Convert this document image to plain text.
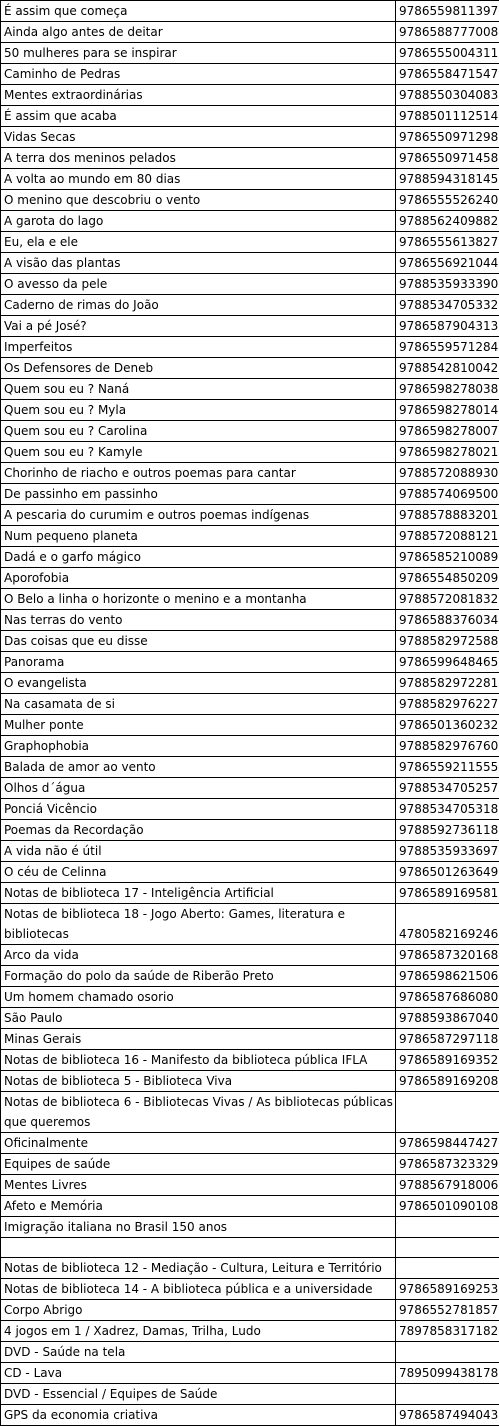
É assim que começa	9786559811397
Ainda algo antes de deitar	9786588777008
50 mulheres para se inspirar	9786555004311
Caminho de Pedras	9786558471547
Mentes extraordinárias	9788550304083
É assim que acaba	9788501112514
Vidas Secas	9786550971298
A terra dos meninos pelados	9786550971458
A volta ao mundo em 80 dias	9788594318145
O menino que descobriu o vento	9786555526240
A garota do lago	9788562409882
Eu, ela e ele	9786555613827
A visão das plantas	9786556921044
O avesso da pele	9788535933390
Caderno de rimas do João	9788534705332
Vai a pé José?	9786587904313
Imperfeitos	9786559571284
Os Defensores de Deneb	9788542810042
Quem sou eu ? Naná	9786598278038
Quem sou eu ? Myla	9786598278014
Quem sou eu ? Carolina	9786598278007
Quem sou eu ? Kamyle	9786598278021
Chorinho de riacho e outros poemas para cantar	9788572088930
De passinho em passinho	9788574069500
A pescaria do curumim e outros poemas indígenas	9788578883201
Num pequeno planeta	9788572088121
Dadá e o garfo mágico	9786585210089
Aporofobia	9786554850209
O Belo a linha o horizonte o menino e a montanha	9788572081832
Nas terras do vento	9786588376034
Das coisas que eu disse	9788582972588
Panorama	9786599648465
O evangelista	9788582972281
Na casamata de si	9788582976227
Mulher ponte	9786501360232
Graphophobia	9788582976760
Balada de amor ao vento	9786559211555
Olhos d´água	9788534705257
Ponciá Vicêncio	9788534705318
Poemas da Recordação	9788592736118
A vida não é útil	9788535933697
O céu de Celinna	9786501263649
Notas de biblioteca 17 - Inteligência Artificial	9786589169581
Notas de biblioteca 18 - Jogo Aberto: Games, literatura e bibliotecas	4780582169246
Arco da vida	9786587320168
Formação do polo da saúde de Riberão Preto	9786598621506
Um homem chamado osorio	9786587686080
São Paulo	9788593867040
Minas Gerais	9786587297118
Notas de biblioteca 16 - Manifesto da biblioteca pública IFLA	9786589169352
Notas de biblioteca 5 - Biblioteca Viva	9786589169208
Notas de biblioteca 6 - Bibliotecas Vivas / As bibliotecas públicas que queremos	
Oficinalmente	9786598447427
Equipes de saúde	9786587323329
Mentes Livres	9788567918006
Afeto e Memória	9786501090108
Imigração italiana no Brasil 150 anos	

Notas de biblioteca 12 - Mediação - Cultura, Leitura e Território	
Notas de biblioteca 14 - A biblioteca pública e a universidade	9786589169253
Corpo Abrigo	9786552781857
4 jogos em 1 / Xadrez, Damas, Trilha, Ludo	7897858317182
DVD - Saúde na tela	
CD - Lava	7895099438178
DVD - Essencial / Equipes de Saúde	
GPS da economia criativa	9786587494043
